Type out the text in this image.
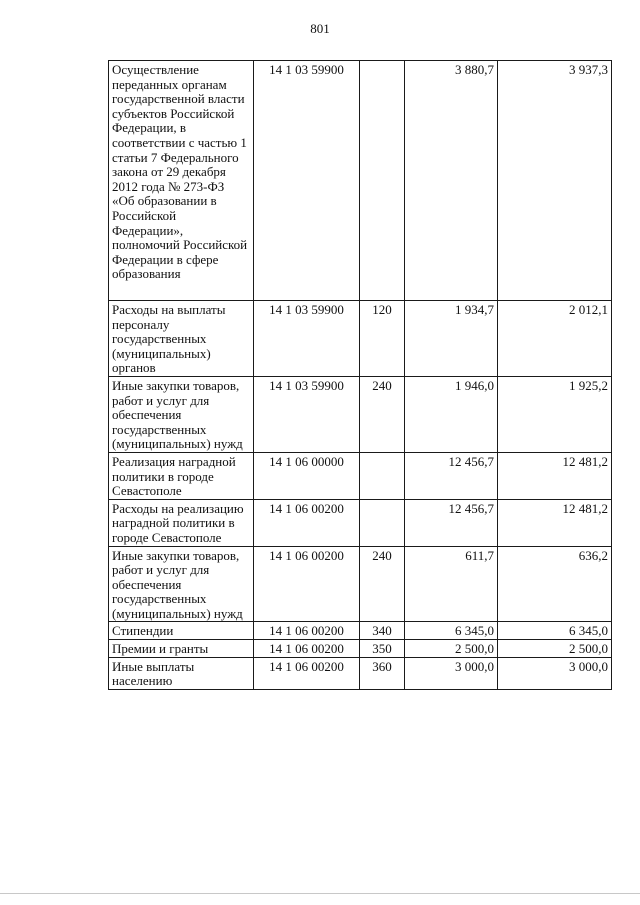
801
Осуществление переданных органам государственной власти субъектов Российской Федерации, в соответствии с частью 1 статьи 7 Федерального закона от 29 декабря 2012 года № 273-ФЗ «Об образовании в Российской Федерации», полномочий Российской Федерации в сфере образования	14 1 03 59900		3 880,7	3 937,3
Расходы на выплаты персоналу государственных (муниципальных) органов	14 1 03 59900	120	1 934,7	2 012,1
Иные закупки товаров, работ и услуг для обеспечения государственных (муниципальных) нужд	14 1 03 59900	240	1 946,0	1 925,2
Реализация наградной политики в городе Севастополе	14 1 06 00000		12 456,7	12 481,2
Расходы на реализацию наградной политики в городе Севастополе	14 1 06 00200		12 456,7	12 481,2
Иные закупки товаров, работ и услуг для обеспечения государственных (муниципальных) нужд	14 1 06 00200	240	611,7	636,2
Стипендии	14 1 06 00200	340	6 345,0	6 345,0
Премии и гранты	14 1 06 00200	350	2 500,0	2 500,0
Иные выплаты населению	14 1 06 00200	360	3 000,0	3 000,0
